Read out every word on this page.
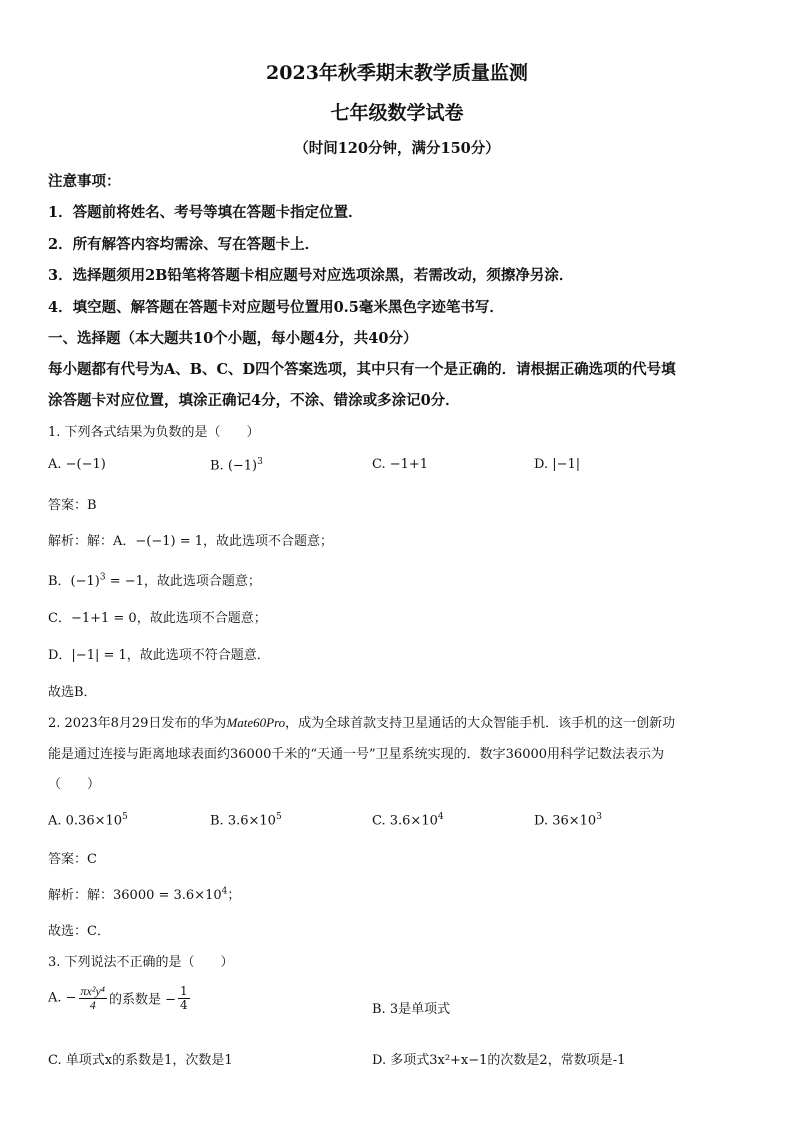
2023年秋季期末教学质量监测
七年级数学试卷
（时间120分钟，满分150分）
注意事项：
1．答题前将姓名、考号等填在答题卡指定位置．
2．所有解答内容均需涂、写在答题卡上．
3．选择题须用2B铅笔将答题卡相应题号对应选项涂黑，若需改动，须擦净另涂．
4．填空题、解答题在答题卡对应题号位置用0.5毫米黑色字迹笔书写．
一、选择题（本大题共10个小题，每小题4分，共40分）
每小题都有代号为A、B、C、D四个答案选项，其中只有一个是正确的．请根据正确选项的代号填
涂答题卡对应位置，填涂正确记4分，不涂、错涂或多涂记0分．
1. 下列各式结果为负数的是（　　）
A. −(−1)	B. $(-1)^3$	C. −1+1	D. |−1|
答案：B
解析：解：A．−(−1) = 1，故此选项不合题意；
B．$(-1)^3 = -1$，故此选项合题意；
C．−1+1 = 0，故此选项不合题意；
D．|−1| = 1，故此选项不符合题意．
故选B．
2. 2023年8月29日发布的华为Mate60Pro，成为全球首款支持卫星通话的大众智能手机．该手机的这一创新功
能是通过连接与距离地球表面约36000千米的“天通一号”卫星系统实现的．数字36000用科学记数法表示为
（　　）
A. $0.36\times 10^5$	B. $3.6\times 10^5$	C. $3.6\times 10^4$	D. $36\times 10^3$
答案：C
解析：解：$36000 = 3.6\times 10^4$；
故选：C．
3. 下列说法不正确的是（　　）
A. − $\frac{\text{πx²y⁴}}{4}$ 的系数是 − $\frac{1}{4}$	B. 3是单项式
C. 单项式x的系数是1，次数是1	D. 多项式3x²+x−1的次数是2，常数项是-1
